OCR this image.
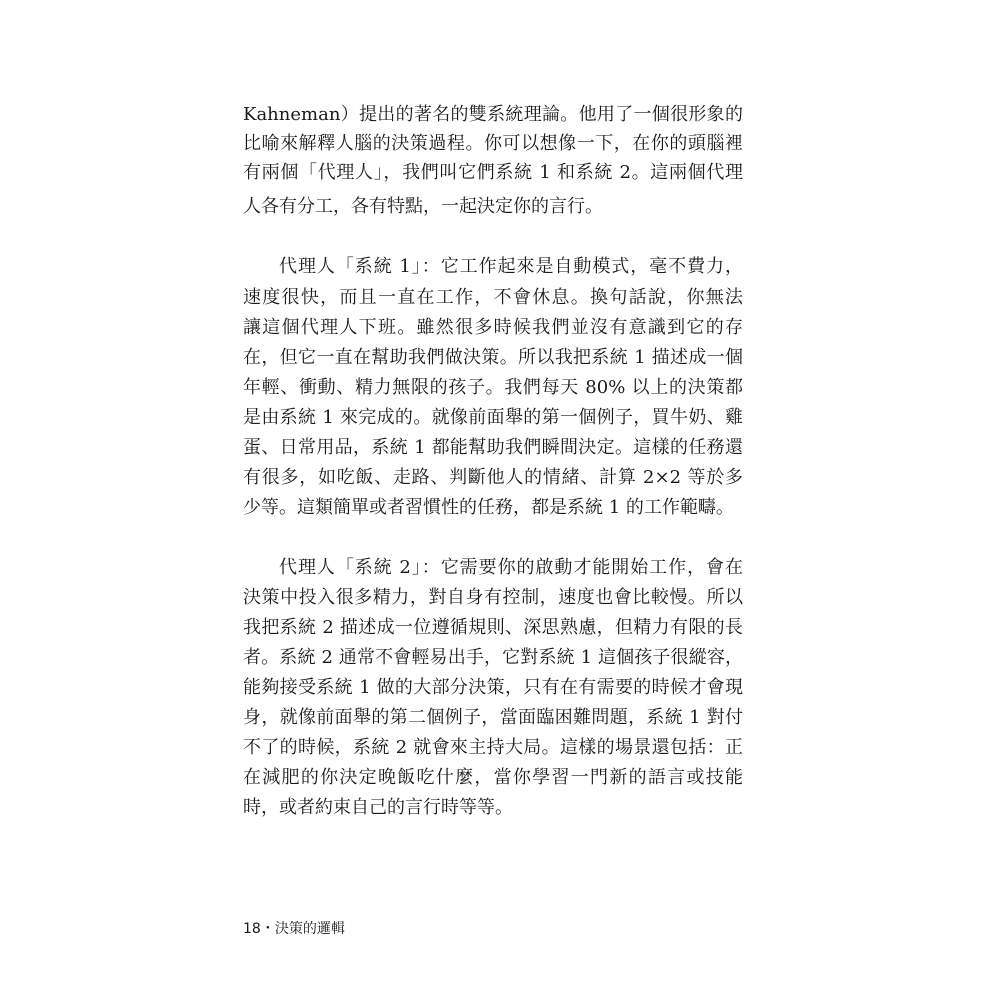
Kahneman）提出的著名的雙系統理論。他用了一個很形象的
比喻來解釋人腦的決策過程。你可以想像一下，在你的頭腦裡
有兩個「代理人」，我們叫它們系統 1 和系統 2。這兩個代理
人各有分工，各有特點，一起決定你的言行。
代理人「系統 1」：它工作起來是自動模式，毫不費力，
速度很快，而且一直在工作，不會休息。換句話說，你無法
讓這個代理人下班。雖然很多時候我們並沒有意識到它的存
在，但它一直在幫助我們做決策。所以我把系統 1 描述成一個
年輕、衝動、精力無限的孩子。我們每天 80% 以上的決策都
是由系統 1 來完成的。就像前面舉的第一個例子，買牛奶、雞
蛋、日常用品，系統 1 都能幫助我們瞬間決定。這樣的任務還
有很多，如吃飯、走路、判斷他人的情緒、計算 2×2 等於多
少等。這類簡單或者習慣性的任務，都是系統 1 的工作範疇。
代理人「系統 2」：它需要你的啟動才能開始工作，會在
決策中投入很多精力，對自身有控制，速度也會比較慢。所以
我把系統 2 描述成一位遵循規則、深思熟慮，但精力有限的長
者。系統 2 通常不會輕易出手，它對系統 1 這個孩子很縱容，
能夠接受系統 1 做的大部分決策，只有在有需要的時候才會現
身，就像前面舉的第二個例子，當面臨困難問題，系統 1 對付
不了的時候，系統 2 就會來主持大局。這樣的場景還包括：正
在減肥的你決定晚飯吃什麼，當你學習一門新的語言或技能
時，或者約束自己的言行時等等。
18・決策的邏輯
